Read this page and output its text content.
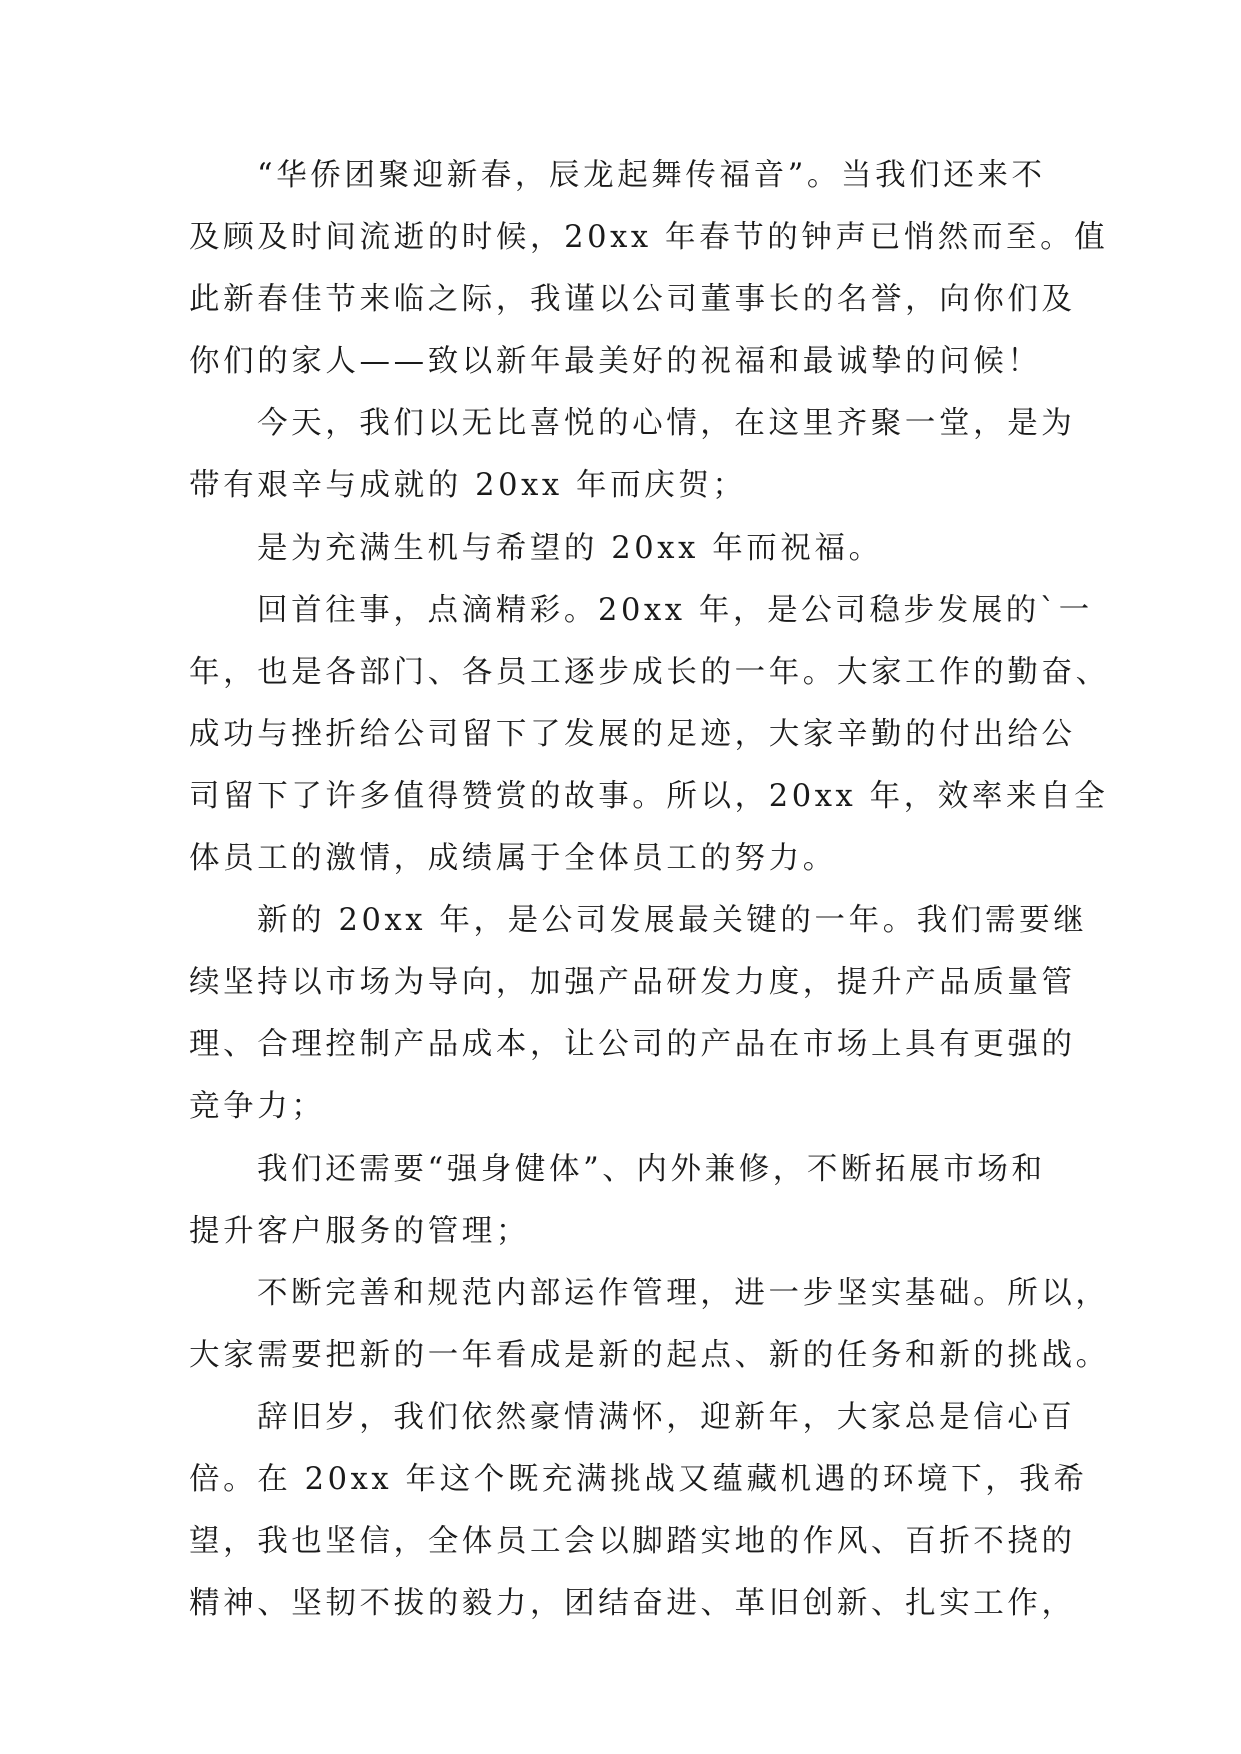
“华侨团聚迎新春，辰龙起舞传福音”。当我们还来不
及顾及时间流逝的时候，20xx 年春节的钟声已悄然而至。值
此新春佳节来临之际，我谨以公司董事长的名誉，向你们及
你们的家人——致以新年最美好的祝福和最诚挚的问候！
今天，我们以无比喜悦的心情，在这里齐聚一堂，是为
带有艰辛与成就的 20xx 年而庆贺；
是为充满生机与希望的 20xx 年而祝福。
回首往事，点滴精彩。20xx 年，是公司稳步发展的`一
年，也是各部门、各员工逐步成长的一年。大家工作的勤奋、
成功与挫折给公司留下了发展的足迹，大家辛勤的付出给公
司留下了许多值得赞赏的故事。所以，20xx 年，效率来自全
体员工的激情，成绩属于全体员工的努力。
新的 20xx 年，是公司发展最关键的一年。我们需要继
续坚持以市场为导向，加强产品研发力度，提升产品质量管
理、合理控制产品成本，让公司的产品在市场上具有更强的
竞争力；
我们还需要“强身健体”、内外兼修，不断拓展市场和
提升客户服务的管理；
不断完善和规范内部运作管理，进一步坚实基础。所以，
大家需要把新的一年看成是新的起点、新的任务和新的挑战。
辞旧岁，我们依然豪情满怀，迎新年，大家总是信心百
倍。在 20xx 年这个既充满挑战又蕴藏机遇的环境下，我希
望，我也坚信，全体员工会以脚踏实地的作风、百折不挠的
精神、坚韧不拔的毅力，团结奋进、革旧创新、扎实工作，
